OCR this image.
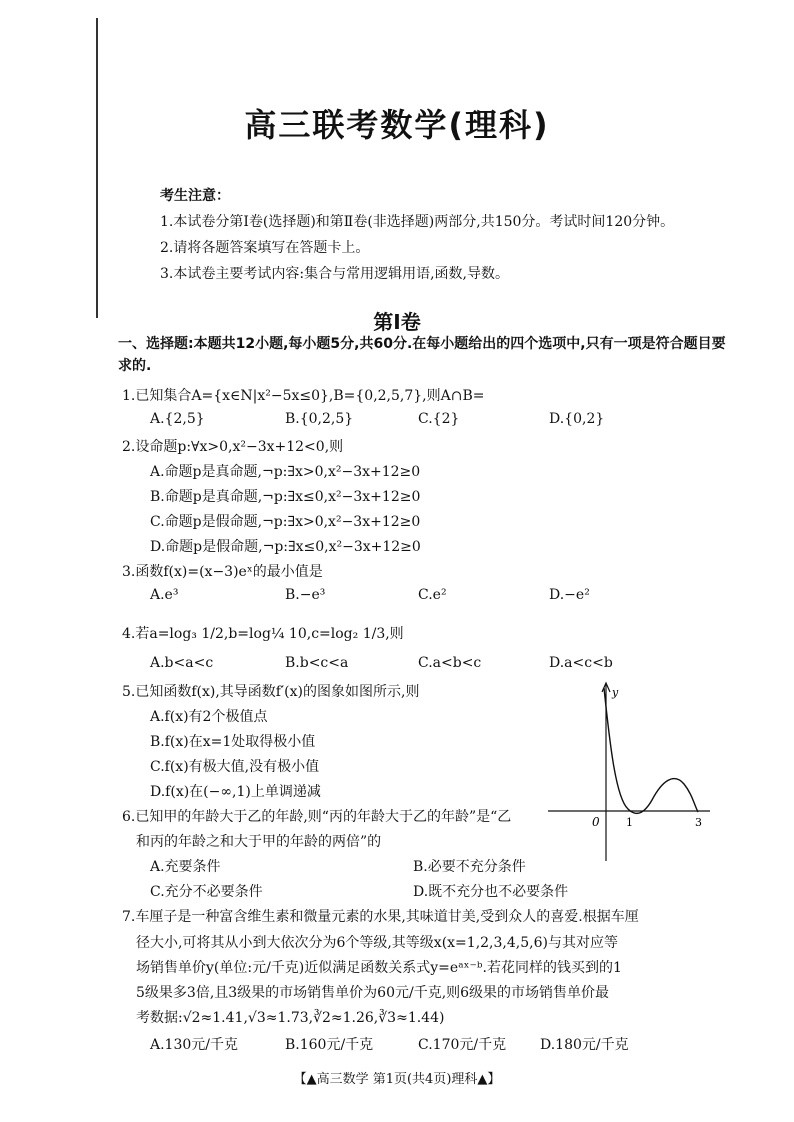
高三联考数学(理科)
考生注意：
1.本试卷分第Ⅰ卷(选择题)和第Ⅱ卷(非选择题)两部分,共150分。考试时间120分钟。
2.请将各题答案填写在答题卡上。
3.本试卷主要考试内容:集合与常用逻辑用语,函数,导数。
第Ⅰ卷
一、选择题:本题共12小题,每小题5分,共60分.在每小题给出的四个选项中,只有一项是符合题目要求的.
1.已知集合A={x∈N|x²−5x≤0},B={0,2,5,7},则A∩B=
A.{2,5}	B.{0,2,5}	C.{2}	D.{0,2}
2.设命题p:∀x>0,x²−3x+12<0,则
A.命题p是真命题,¬p:∃x>0,x²−3x+12≥0
B.命题p是真命题,¬p:∃x≤0,x²−3x+12≥0
C.命题p是假命题,¬p:∃x>0,x²−3x+12≥0
D.命题p是假命题,¬p:∃x≤0,x²−3x+12≥0
3.函数f(x)=(x−3)eˣ的最小值是
A.e³	B.−e³	C.e²	D.−e²
4.若a=log₃ 1/2,b=log¼ 10,c=log₂ 1/3,则
A.b<a<c	B.b<c<a	C.a<b<c	D.a<c<b
5.已知函数f(x),其导函数f′(x)的图象如图所示,则
A.f(x)有2个极值点
B.f(x)在x=1处取得极小值
C.f(x)有极大值,没有极小值
D.f(x)在(−∞,1)上单调递减
y
0 1	3
6.已知甲的年龄大于乙的年龄,则“丙的年龄大于乙的年龄”是“乙
和丙的年龄之和大于甲的年龄的两倍”的
A.充要条件	B.必要不充分条件
C.充分不必要条件	D.既不充分也不必要条件
7.车厘子是一种富含维生素和微量元素的水果,其味道甘美,受到众人的喜爱.根据车厘
径大小,可将其从小到大依次分为6个等级,其等级x(x=1,2,3,4,5,6)与其对应等
场销售单价y(单位:元/千克)近似满足函数关系式y=eᵃˣ⁻ᵇ.若花同样的钱买到的1
5级果多3倍,且3级果的市场销售单价为60元/千克,则6级果的市场销售单价最
考数据:√2≈1.41,√3≈1.73,∛2≈1.26,∛3≈1.44)
A.130元/千克	B.160元/千克	C.170元/千克 D.180元/千克
【▲高三数学 第1页(共4页)理科▲】
